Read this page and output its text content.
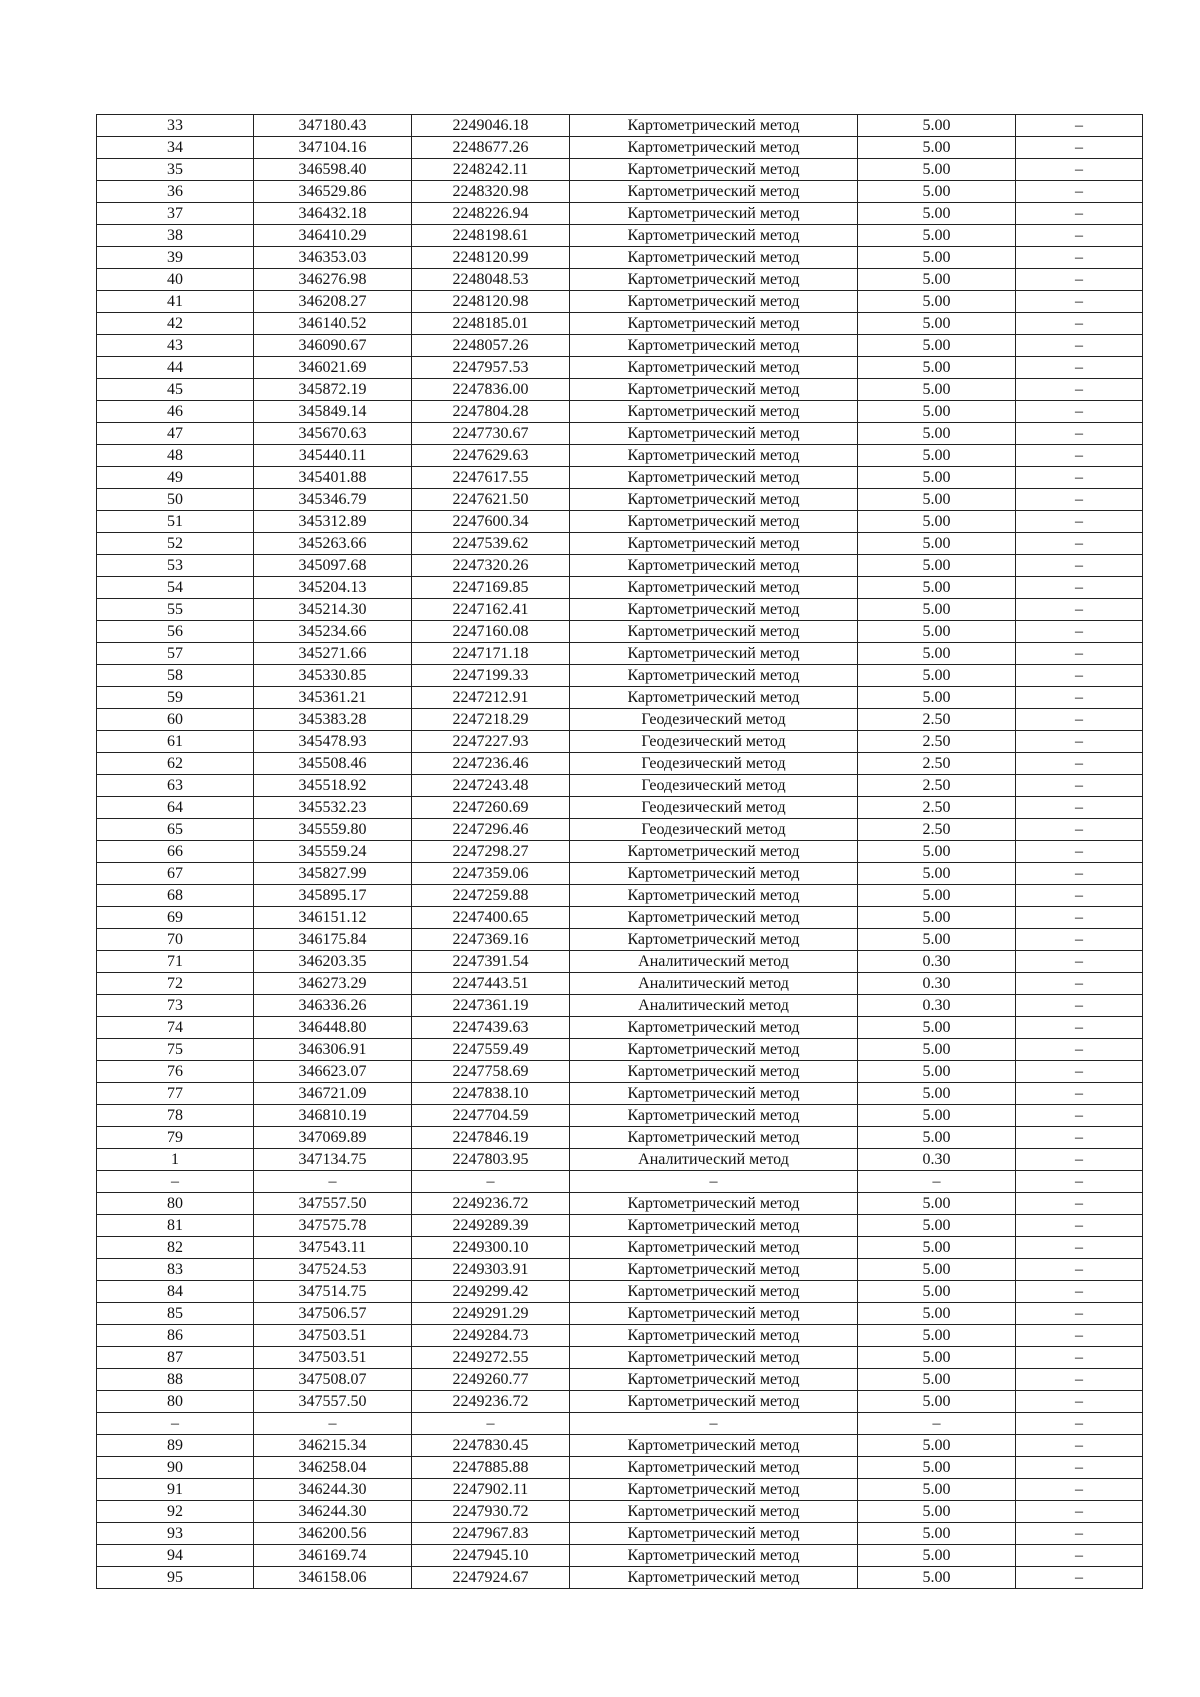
33	347180.43	2249046.18	Картометрический метод	5.00	–
34	347104.16	2248677.26	Картометрический метод	5.00	–
35	346598.40	2248242.11	Картометрический метод	5.00	–
36	346529.86	2248320.98	Картометрический метод	5.00	–
37	346432.18	2248226.94	Картометрический метод	5.00	–
38	346410.29	2248198.61	Картометрический метод	5.00	–
39	346353.03	2248120.99	Картометрический метод	5.00	–
40	346276.98	2248048.53	Картометрический метод	5.00	–
41	346208.27	2248120.98	Картометрический метод	5.00	–
42	346140.52	2248185.01	Картометрический метод	5.00	–
43	346090.67	2248057.26	Картометрический метод	5.00	–
44	346021.69	2247957.53	Картометрический метод	5.00	–
45	345872.19	2247836.00	Картометрический метод	5.00	–
46	345849.14	2247804.28	Картометрический метод	5.00	–
47	345670.63	2247730.67	Картометрический метод	5.00	–
48	345440.11	2247629.63	Картометрический метод	5.00	–
49	345401.88	2247617.55	Картометрический метод	5.00	–
50	345346.79	2247621.50	Картометрический метод	5.00	–
51	345312.89	2247600.34	Картометрический метод	5.00	–
52	345263.66	2247539.62	Картометрический метод	5.00	–
53	345097.68	2247320.26	Картометрический метод	5.00	–
54	345204.13	2247169.85	Картометрический метод	5.00	–
55	345214.30	2247162.41	Картометрический метод	5.00	–
56	345234.66	2247160.08	Картометрический метод	5.00	–
57	345271.66	2247171.18	Картометрический метод	5.00	–
58	345330.85	2247199.33	Картометрический метод	5.00	–
59	345361.21	2247212.91	Картометрический метод	5.00	–
60	345383.28	2247218.29	Геодезический метод	2.50	–
61	345478.93	2247227.93	Геодезический метод	2.50	–
62	345508.46	2247236.46	Геодезический метод	2.50	–
63	345518.92	2247243.48	Геодезический метод	2.50	–
64	345532.23	2247260.69	Геодезический метод	2.50	–
65	345559.80	2247296.46	Геодезический метод	2.50	–
66	345559.24	2247298.27	Картометрический метод	5.00	–
67	345827.99	2247359.06	Картометрический метод	5.00	–
68	345895.17	2247259.88	Картометрический метод	5.00	–
69	346151.12	2247400.65	Картометрический метод	5.00	–
70	346175.84	2247369.16	Картометрический метод	5.00	–
71	346203.35	2247391.54	Аналитический метод	0.30	–
72	346273.29	2247443.51	Аналитический метод	0.30	–
73	346336.26	2247361.19	Аналитический метод	0.30	–
74	346448.80	2247439.63	Картометрический метод	5.00	–
75	346306.91	2247559.49	Картометрический метод	5.00	–
76	346623.07	2247758.69	Картометрический метод	5.00	–
77	346721.09	2247838.10	Картометрический метод	5.00	–
78	346810.19	2247704.59	Картометрический метод	5.00	–
79	347069.89	2247846.19	Картометрический метод	5.00	–
1	347134.75	2247803.95	Аналитический метод	0.30	–
–	–	–	–	–	–
80	347557.50	2249236.72	Картометрический метод	5.00	–
81	347575.78	2249289.39	Картометрический метод	5.00	–
82	347543.11	2249300.10	Картометрический метод	5.00	–
83	347524.53	2249303.91	Картометрический метод	5.00	–
84	347514.75	2249299.42	Картометрический метод	5.00	–
85	347506.57	2249291.29	Картометрический метод	5.00	–
86	347503.51	2249284.73	Картометрический метод	5.00	–
87	347503.51	2249272.55	Картометрический метод	5.00	–
88	347508.07	2249260.77	Картометрический метод	5.00	–
80	347557.50	2249236.72	Картометрический метод	5.00	–
–	–	–	–	–	–
89	346215.34	2247830.45	Картометрический метод	5.00	–
90	346258.04	2247885.88	Картометрический метод	5.00	–
91	346244.30	2247902.11	Картометрический метод	5.00	–
92	346244.30	2247930.72	Картометрический метод	5.00	–
93	346200.56	2247967.83	Картометрический метод	5.00	–
94	346169.74	2247945.10	Картометрический метод	5.00	–
95	346158.06	2247924.67	Картометрический метод	5.00	–
